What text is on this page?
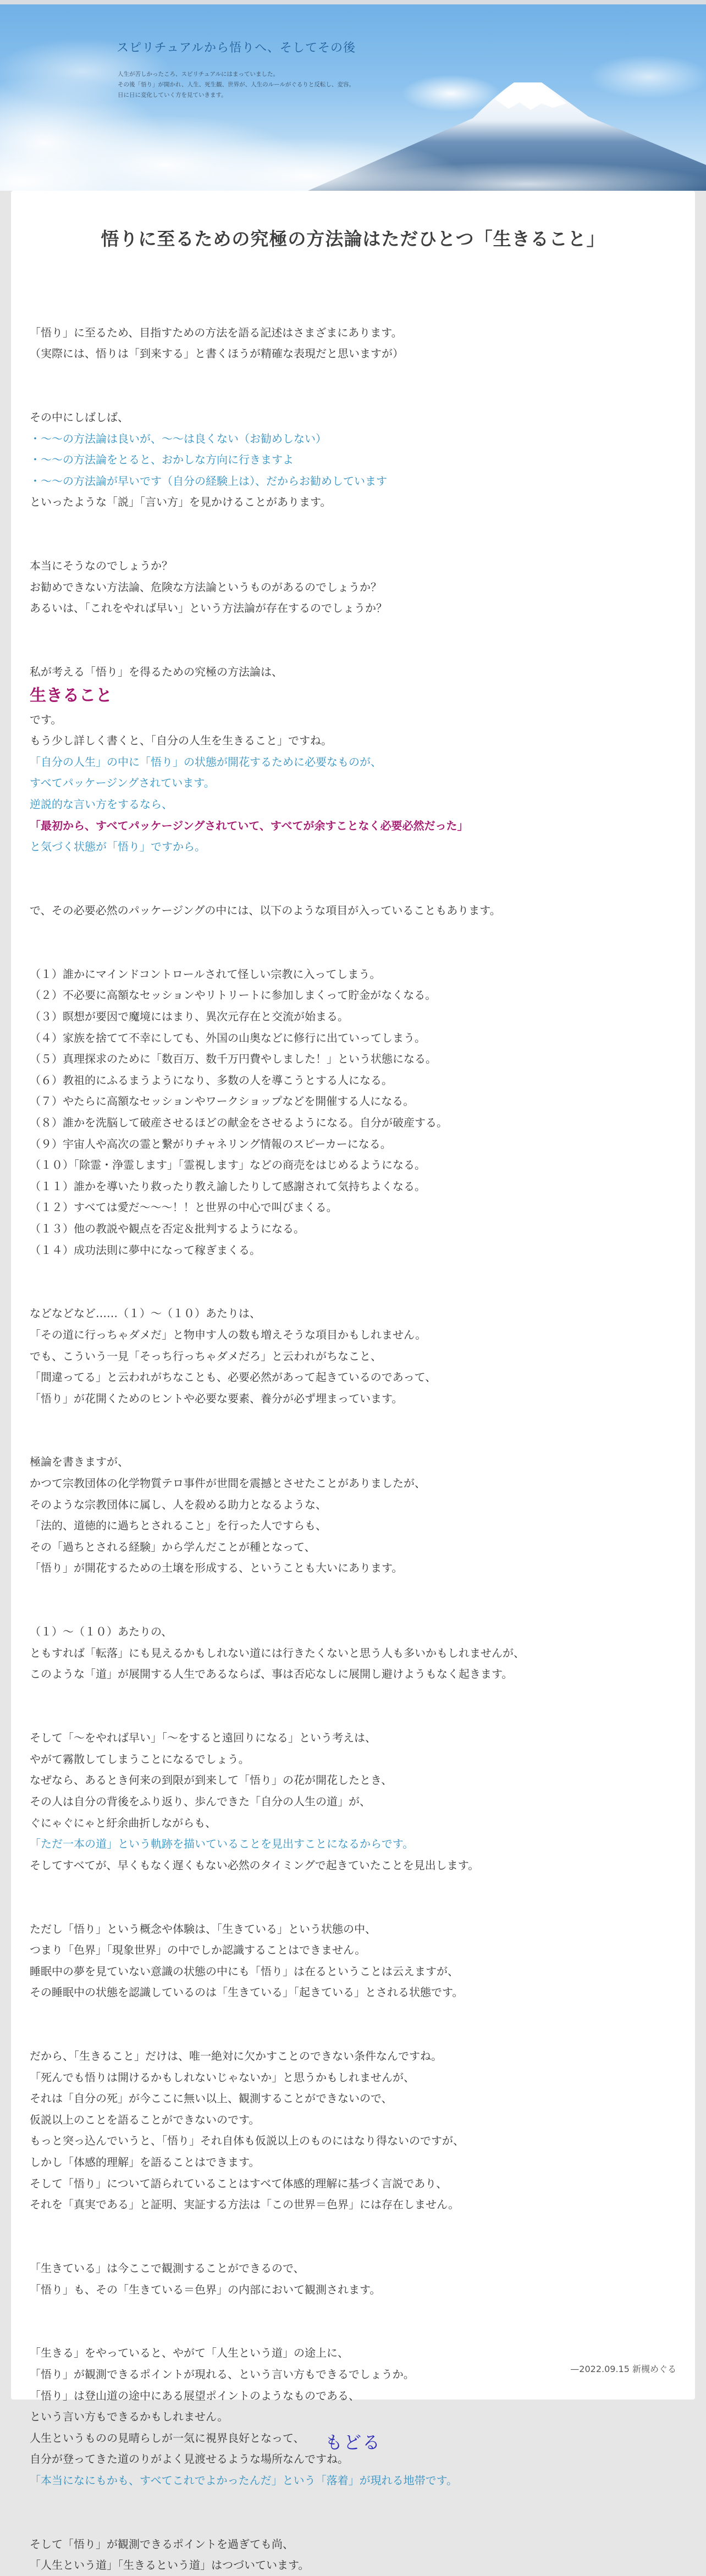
スピリチュアルから悟りへ、そしてその後

人生が苦しかったころ、スピリチュアルにはまっていました。

その後「悟り」が開かれ、人生、死生観、世界が、人生のルールがぐるりと反転し、変容。

日に日に変化していく方を見ていきます。

悟りに至るための究極の方法論はただひとつ「生きること」
「悟り」に至るため、目指すための方法を語る記述はさまざまにあります。
（実際には、悟りは「到来する」と書くほうが精確な表現だと思いますが）
その中にしばしば、
・〜〜の方法論は良いが、〜〜は良くない（お勧めしない）
・〜〜の方法論をとると、おかしな方向に行きますよ
・〜〜の方法論が早いです（自分の経験上は）、だからお勧めしています
といったような「説」「言い方」を見かけることがあります。
本当にそうなのでしょうか？
お勧めできない方法論、危険な方法論というものがあるのでしょうか？
あるいは、「これをやれば早い」という方法論が存在するのでしょうか？
私が考える「悟り」を得るための究極の方法論は、
生きること
です。
もう少し詳しく書くと、「自分の人生を生きること」ですね。
「自分の人生」の中に「悟り」の状態が開花するために必要なものが、
すべてパッケージングされています。
逆説的な言い方をするなら、
「最初から、すべてパッケージングされていて、すべてが余すことなく必要必然だった」
と気づく状態が「悟り」ですから。
で、その必要必然のパッケージングの中には、以下のような項目が入っていることもあります。
（１）誰かにマインドコントロールされて怪しい宗教に入ってしまう。
（２）不必要に高額なセッションやリトリートに参加しまくって貯金がなくなる。
（３）瞑想が要因で魔境にはまり、異次元存在と交流が始まる。
（４）家族を捨てて不幸にしても、外国の山奥などに修行に出ていってしまう。
（５）真理探求のために「数百万、数千万円費やしました！」という状態になる。
（６）教祖的にふるまうようになり、多数の人を導こうとする人になる。
（７）やたらに高額なセッションやワークショップなどを開催する人になる。
（８）誰かを洗脳して破産させるほどの献金をさせるようになる。自分が破産する。
（９）宇宙人や高次の霊と繋がりチャネリング情報のスピーカーになる。
（１０）「除霊・浄霊します」「霊視します」などの商売をはじめるようになる。
（１１）誰かを導いたり救ったり教え諭したりして感謝されて気持ちよくなる。
（１２）すべては愛だ〜〜〜！！と世界の中心で叫びまくる。
（１３）他の教説や観点を否定＆批判するようになる。
（１４）成功法則に夢中になって稼ぎまくる。
などなどなど……（１）〜（１０）あたりは、
「その道に行っちゃダメだ」と物申す人の数も増えそうな項目かもしれません。
でも、こういう一見「そっち行っちゃダメだろ」と云われがちなこと、
「間違ってる」と云われがちなことも、必要必然があって起きているのであって、
「悟り」が花開くためのヒントや必要な要素、養分が必ず埋まっています。
極論を書きますが、
かつて宗教団体の化学物質テロ事件が世間を震撼とさせたことがありましたが、
そのような宗教団体に属し、人を殺める助力となるような、
「法的、道徳的に過ちとされること」を行った人ですらも、
その「過ちとされる経験」から学んだことが種となって、
「悟り」が開花するための土壌を形成する、ということも大いにあります。
（１）〜（１０）あたりの、
ともすれば「転落」にも見えるかもしれない道には行きたくないと思う人も多いかもしれませんが、
このような「道」が展開する人生であるならば、事は否応なしに展開し避けようもなく起きます。
そして「〜をやれば早い」「〜をすると遠回りになる」という考えは、
やがて霧散してしまうことになるでしょう。
なぜなら、あるとき何来の到限が到来して「悟り」の花が開花したとき、
その人は自分の背後をふり返り、歩んできた「自分の人生の道」が、
ぐにゃぐにゃと紆余曲折しながらも、
「ただ一本の道」という軌跡を描いていることを見出すことになるからです。
そしてすべてが、早くもなく遅くもない必然のタイミングで起きていたことを見出します。
ただし「悟り」という概念や体験は、「生きている」という状態の中、
つまり「色界」「現象世界」の中でしか認識することはできません。
睡眠中の夢を見ていない意識の状態の中にも「悟り」は在るということは云えますが、
その睡眠中の状態を認識しているのは「生きている」「起きている」とされる状態です。
だから、「生きること」だけは、唯一絶対に欠かすことのできない条件なんですね。
「死んでも悟りは開けるかもしれないじゃないか」と思うかもしれませんが、
それは「自分の死」が今ここに無い以上、観測することができないので、
仮説以上のことを語ることができないのです。
もっと突っ込んでいうと、「悟り」それ自体も仮説以上のものにはなり得ないのですが、
しかし「体感的理解」を語ることはできます。
そして「悟り」について語られていることはすべて体感的理解に基づく言説であり、
それを「真実である」と証明、実証する方法は「この世界＝色界」には存在しません。
「生きている」は今ここで観測することができるので、
「悟り」も、その「生きている＝色界」の内部において観測されます。
「生きる」をやっていると、やがて「人生という道」の途上に、
「悟り」が観測できるポイントが現れる、という言い方もできるでしょうか。
「悟り」は登山道の途中にある展望ポイントのようなものである、
という言い方もできるかもしれません。
人生というものの見晴らしが一気に視界良好となって、
自分が登ってきた道のりがよく見渡せるような場所なんですね。
「本当になにもかも、すべてこれでよかったんだ」という「落着」が現れる地帯です。
そして「悟り」が観測できるポイントを過ぎても尚、
「人生という道」「生きるという道」はつづいています。
—2022.09.15 新槻めぐる
もどる
